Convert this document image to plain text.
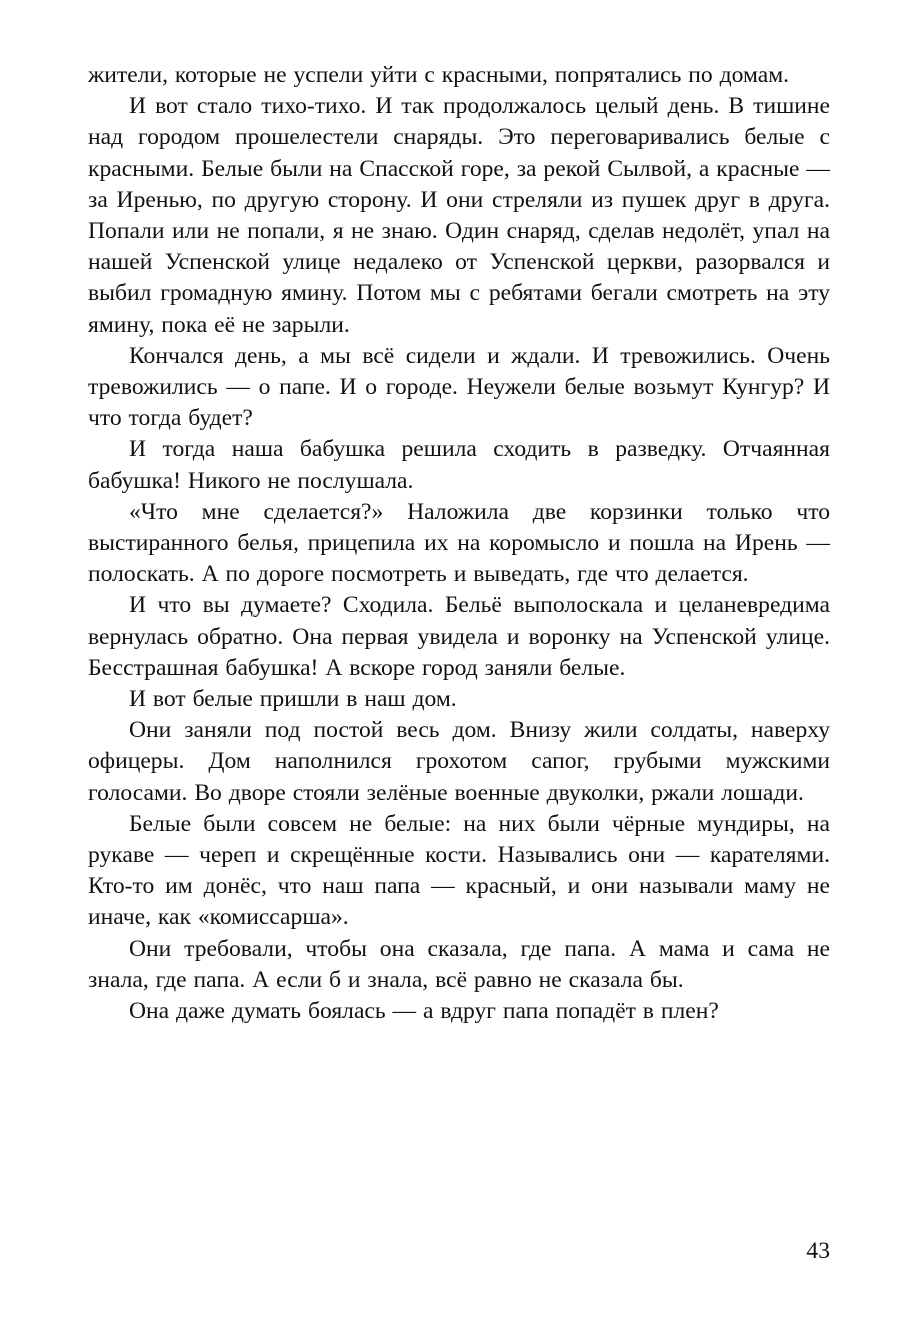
жители, которые не успели уйти с красными, попрятались по домам.

И вот стало тихо-тихо. И так продолжалось целый день. В тишине над городом прошелестели снаряды. Это переговаривались белые с красными. Белые были на Спасской горе, за рекой Сылвой, а красные — за Иренью, по другую сторону. И они стреляли из пушек друг в друга. Попали или не попали, я не знаю. Один снаряд, сделав недолёт, упал на нашей Успенской улице недалеко от Успенской церкви, разорвался и выбил громадную ямину. Потом мы с ребятами бегали смотреть на эту ямину, пока её не зарыли.

Кончался день, а мы всё сидели и ждали. И тревожились. Очень тревожились — о папе. И о городе. Неужели белые возьмут Кунгур? И что тогда будет?

И тогда наша бабушка решила сходить в разведку. Отчаянная бабушка! Никого не послушала.

«Что мне сделается?» Наложила две корзинки только что выстиранного белья, прицепила их на коромысло и пошла на Ирень — полоскать. А по дороге посмотреть и выведать, где что делается.

И что вы думаете? Сходила. Бельё выполоскала и целаневредима вернулась обратно. Она первая увидела и воронку на Успенской улице. Бесстрашная бабушка! А вскоре город заняли белые.

И вот белые пришли в наш дом.

Они заняли под постой весь дом. Внизу жили солдаты, наверху офицеры. Дом наполнился грохотом сапог, грубыми мужскими голосами. Во дворе стояли зелёные военные двуколки, ржали лошади.

Белые были совсем не белые: на них были чёрные мундиры, на рукаве — череп и скрещённые кости. Назывались они — карателями. Кто-то им донёс, что наш папа — красный, и они называли маму не иначе, как «комиссарша».

Они требовали, чтобы она сказала, где папа. А мама и сама не знала, где папа. А если б и знала, всё равно не сказала бы.

Она даже думать боялась — а вдруг папа попадёт в плен?

43
